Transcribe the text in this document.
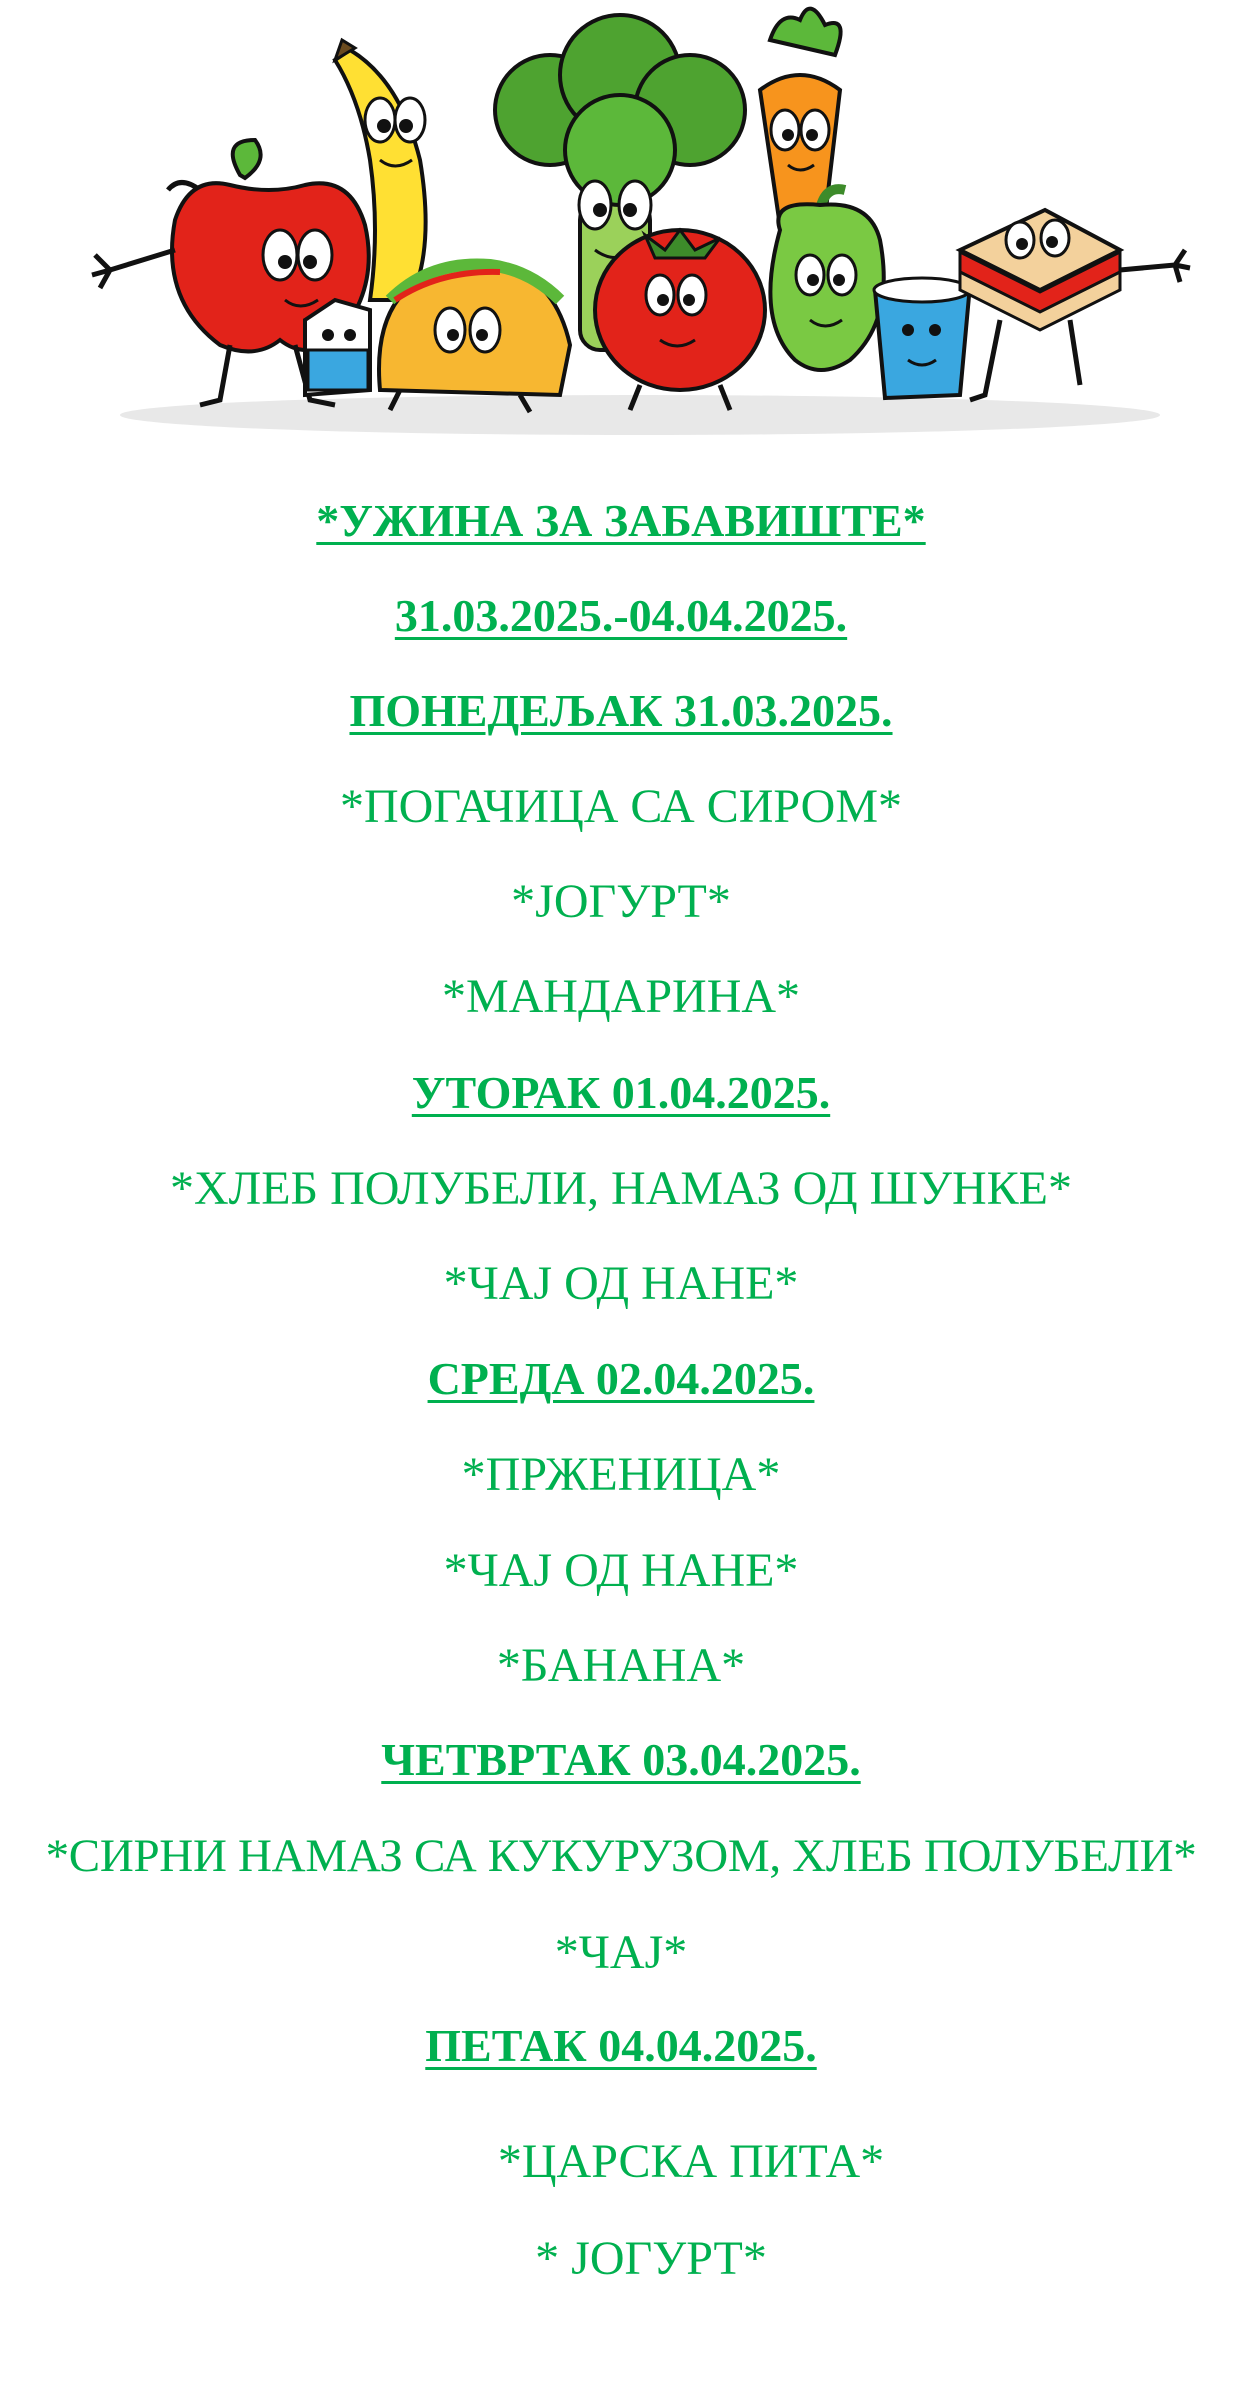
*УЖИНА ЗА ЗАБАВИШТЕ*
31.03.2025.-04.04.2025.
ПОНЕДЕЉАК 31.03.2025.
*ПОГАЧИЦА СА СИРОМ*
*ЈОГУРТ*
*МАНДАРИНА*
УТОРАК 01.04.2025.
*ХЛЕБ ПОЛУБЕЛИ, НАМАЗ ОД ШУНКЕ*
*ЧАЈ ОД НАНЕ*
СРЕДА 02.04.2025.
*ПРЖЕНИЦА*
*ЧАЈ ОД НАНЕ*
*БАНАНА*
ЧЕТВРТАК 03.04.2025.
*СИРНИ НАМАЗ СА КУКУРУЗОМ, ХЛЕБ ПОЛУБЕЛИ*
*ЧАЈ*
ПЕТАК 04.04.2025.
*ЦАРСКА ПИТА*
* ЈОГУРТ*
